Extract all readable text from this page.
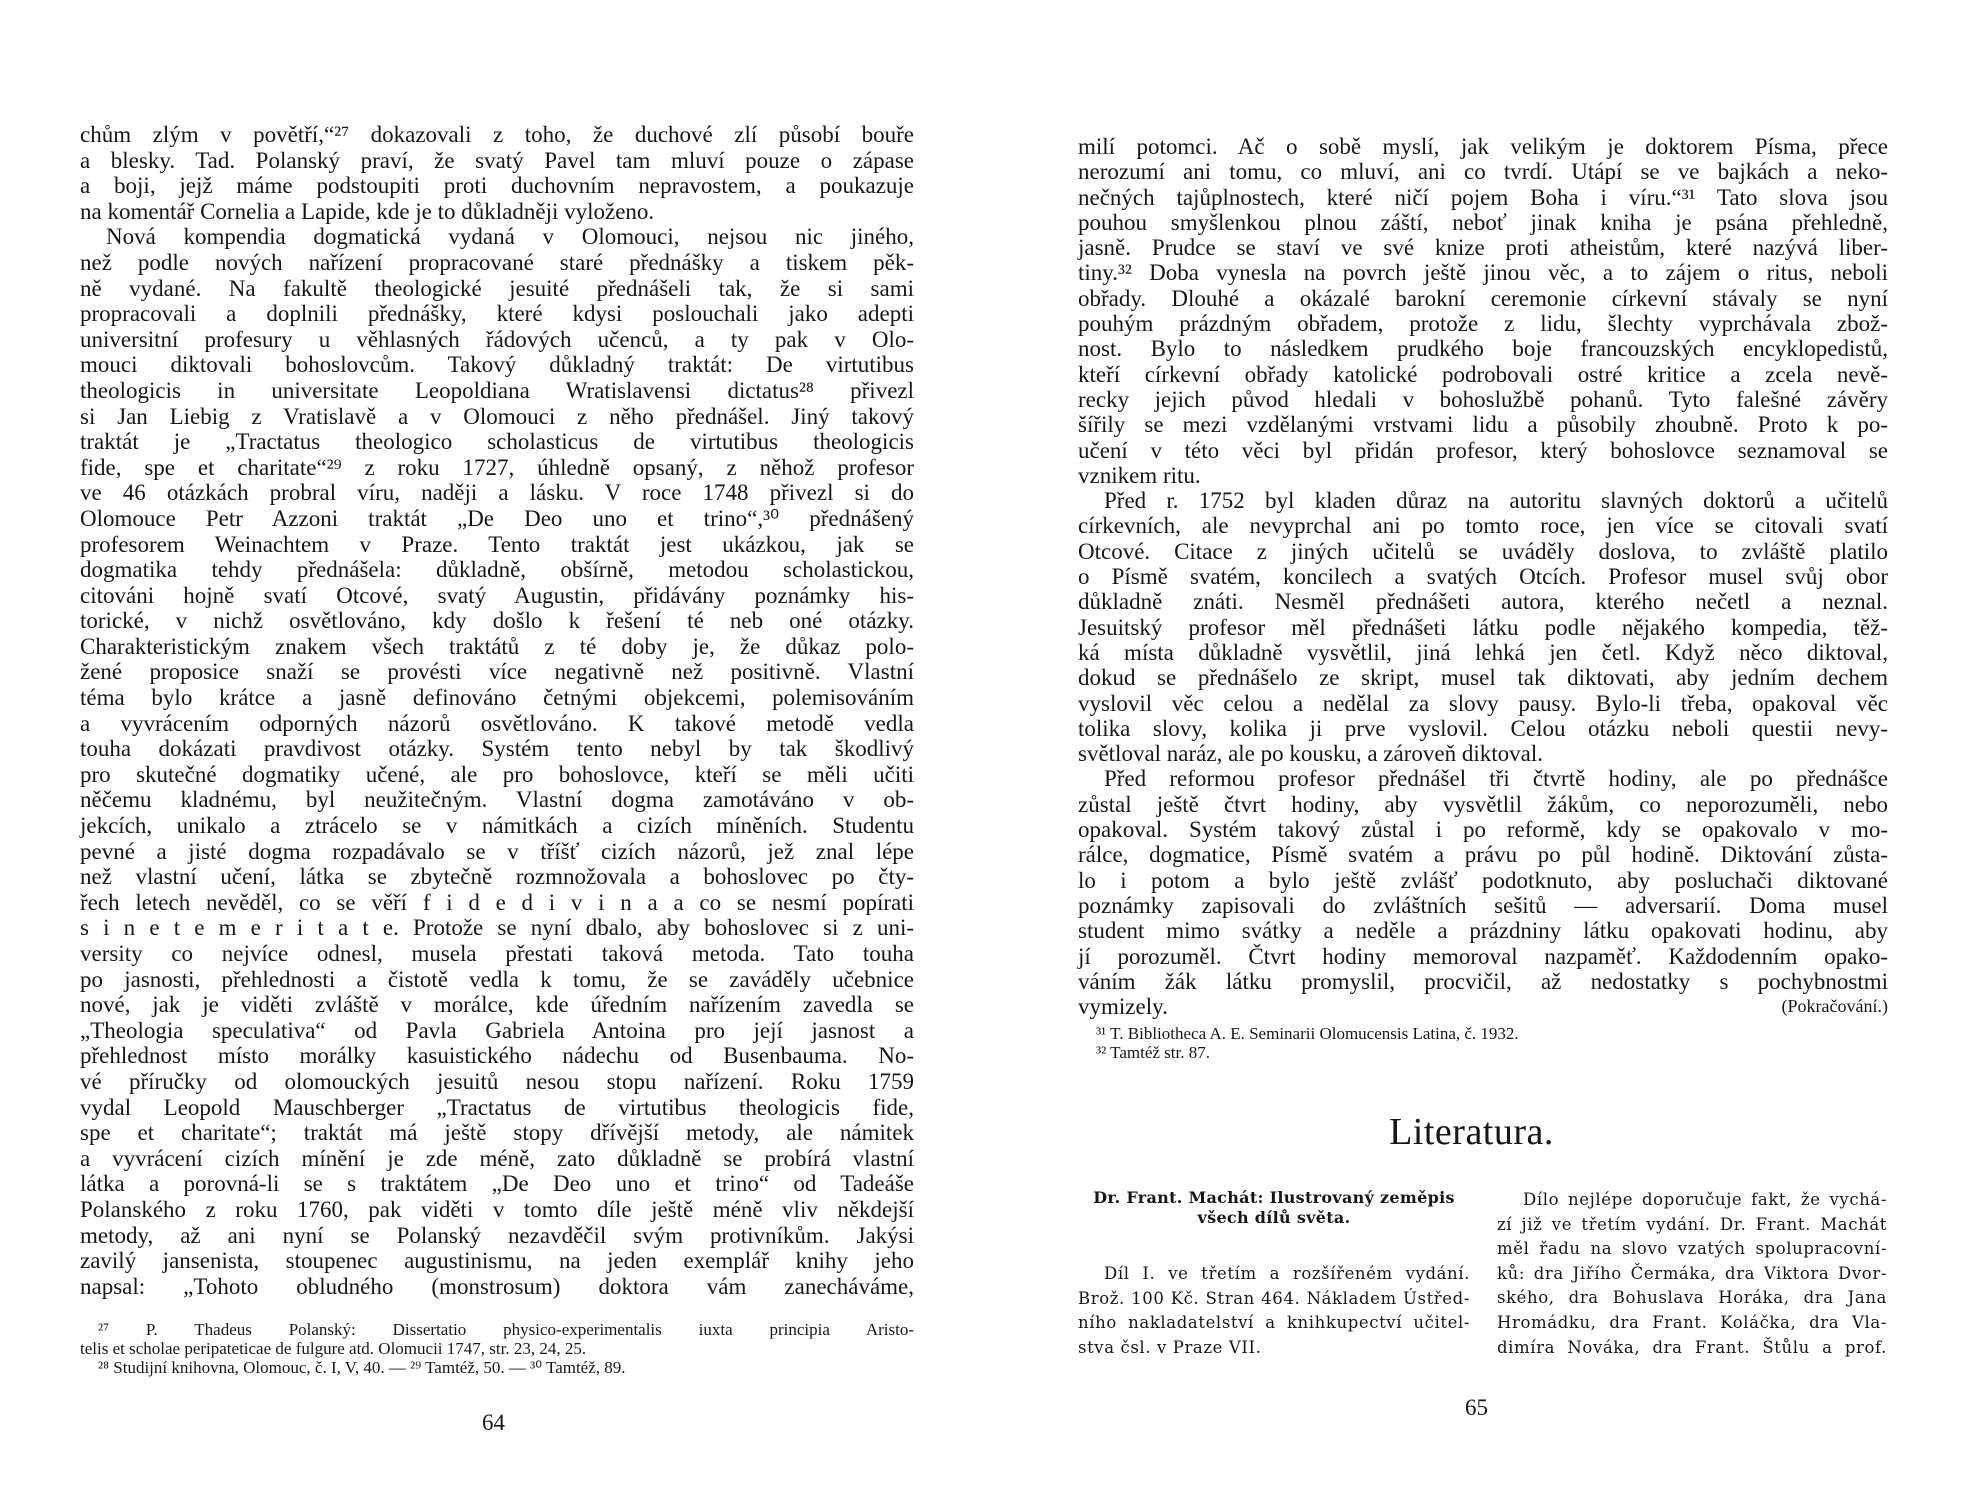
chům zlým v povětří,“²⁷ dokazovali z toho, že duchové zlí působí bouře
a blesky. Tad. Polanský praví, že svatý Pavel tam mluví pouze o zápase
a boji, jejž máme podstoupiti proti duchovním nepravostem, a poukazuje
na komentář Cornelia a Lapide, kde je to důkladněji vyloženo.
Nová kompendia dogmatická vydaná v Olomouci, nejsou nic jiného,
než podle nových nařízení propracované staré přednášky a tiskem pěk-
ně vydané. Na fakultě theologické jesuité přednášeli tak, že si sami
propracovali a doplnili přednášky, které kdysi poslouchali jako adepti
universitní profesury u věhlasných řádových učenců, a ty pak v Olo-
mouci diktovali bohoslovcům. Takový důkladný traktát: De virtutibus
theologicis in universitate Leopoldiana Wratislavensi dictatus²⁸ přivezl
si Jan Liebig z Vratislavě a v Olomouci z něho přednášel. Jiný takový
traktát je „Tractatus theologico scholasticus de virtutibus theologicis
fide, spe et charitate“²⁹ z roku 1727, úhledně opsaný, z něhož profesor
ve 46 otázkách probral víru, naději a lásku. V roce 1748 přivezl si do
Olomouce Petr Azzoni traktát „De Deo uno et trino“,³⁰ přednášený
profesorem Weinachtem v Praze. Tento traktát jest ukázkou, jak se
dogmatika tehdy přednášela: důkladně, obšírně, metodou scholastickou,
citováni hojně svatí Otcové, svatý Augustin, přidávány poznámky his-
torické, v nichž osvětlováno, kdy došlo k řešení té neb oné otázky.
Charakteristickým znakem všech traktátů z té doby je, že důkaz polo-
žené proposice snaží se provésti více negativně než positivně. Vlastní
téma bylo krátce a jasně definováno četnými objekcemi, polemisováním
a vyvrácením odporných názorů osvětlováno. K takové metodě vedla
touha dokázati pravdivost otázky. Systém tento nebyl by tak škodlivý
pro skutečné dogmatiky učené, ale pro bohoslovce, kteří se měli učiti
něčemu kladnému, byl neužitečným. Vlastní dogma zamotáváno v ob-
jekcích, unikalo a ztrácelo se v námitkách a cizích míněních. Studentu
pevné a jisté dogma rozpadávalo se v tříšť cizích názorů, jež znal lépe
než vlastní učení, látka se zbytečně rozmnožovala a bohoslovec po čty-
řech letech nevěděl, co se věří f i d e d i v i n a a co se nesmí popírati
s i n e t e m e r i t a t e. Protože se nyní dbalo, aby bohoslovec si z uni-
versity co nejvíce odnesl, musela přestati taková metoda. Tato touha
po jasnosti, přehlednosti a čistotě vedla k tomu, že se zaváděly učebnice
nové, jak je viděti zvláště v morálce, kde úředním nařízením zavedla se
„Theologia speculativa“ od Pavla Gabriela Antoina pro její jasnost a
přehlednost místo morálky kasuistického nádechu od Busenbauma. No-
vé příručky od olomouckých jesuitů nesou stopu nařízení. Roku 1759
vydal Leopold Mauschberger „Tractatus de virtutibus theologicis fide,
spe et charitate“; traktát má ještě stopy dřívější metody, ale námitek
a vyvrácení cizích mínění je zde méně, zato důkladně se probírá vlastní
látka a porovná-li se s traktátem „De Deo uno et trino“ od Tadeáše
Polanského z roku 1760, pak viděti v tomto díle ještě méně vliv někdejší
metody, až ani nyní se Polanský nezavděčil svým protivníkům. Jakýsi
zavilý jansenista, stoupenec augustinismu, na jeden exemplář knihy jeho
napsal: „Tohoto obludného (monstrosum) doktora vám zanecháváme,
²⁷ P. Thadeus Polanský: Dissertatio physico-experimentalis iuxta principia Aristo-
telis et scholae peripateticae de fulgure atd. Olomucii 1747, str. 23, 24, 25.
²⁸ Studijní knihovna, Olomouc, č. I, V, 40. — ²⁹ Tamtéž, 50. — ³⁰ Tamtéž, 89.
64
milí potomci. Ač o sobě myslí, jak velikým je doktorem Písma, přece
nerozumí ani tomu, co mluví, ani co tvrdí. Utápí se ve bajkách a neko-
nečných tajůplnostech, které ničí pojem Boha i víru.“³¹ Tato slova jsou
pouhou smyšlenkou plnou záští, neboť jinak kniha je psána přehledně,
jasně. Prudce se staví ve své knize proti atheistům, které nazývá liber-
tiny.³² Doba vynesla na povrch ještě jinou věc, a to zájem o ritus, neboli
obřady. Dlouhé a okázalé barokní ceremonie církevní stávaly se nyní
pouhým prázdným obřadem, protože z lidu, šlechty vyprchávala zbož-
nost. Bylo to následkem prudkého boje francouzských encyklopedistů,
kteří církevní obřady katolické podrobovali ostré kritice a zcela nevě-
recky jejich původ hledali v bohoslužbě pohanů. Tyto falešné závěry
šířily se mezi vzdělanými vrstvami lidu a působily zhoubně. Proto k po-
učení v této věci byl přidán profesor, který bohoslovce seznamoval se
vznikem ritu.
Před r. 1752 byl kladen důraz na autoritu slavných doktorů a učitelů
církevních, ale nevyprchal ani po tomto roce, jen více se citovali svatí
Otcové. Citace z jiných učitelů se uváděly doslova, to zvláště platilo
o Písmě svatém, koncilech a svatých Otcích. Profesor musel svůj obor
důkladně znáti. Nesměl přednášeti autora, kterého nečetl a neznal.
Jesuitský profesor měl přednášeti látku podle nějakého kompedia, těž-
ká místa důkladně vysvětlil, jiná lehká jen četl. Když něco diktoval,
dokud se přednášelo ze skript, musel tak diktovati, aby jedním dechem
vyslovil věc celou a nedělal za slovy pausy. Bylo-li třeba, opakoval věc
tolika slovy, kolika ji prve vyslovil. Celou otázku neboli questii nevy-
světloval naráz, ale po kousku, a zároveň diktoval.
Před reformou profesor přednášel tři čtvrtě hodiny, ale po přednášce
zůstal ještě čtvrt hodiny, aby vysvětlil žákům, co neporozuměli, nebo
opakoval. Systém takový zůstal i po reformě, kdy se opakovalo v mo-
rálce, dogmatice, Písmě svatém a právu po půl hodině. Diktování zůsta-
lo i potom a bylo ještě zvlášť podotknuto, aby posluchači diktované
poznámky zapisovali do zvláštních sešitů — adversarií. Doma musel
student mimo svátky a neděle a prázdniny látku opakovati hodinu, aby
jí porozuměl. Čtvrt hodiny memoroval nazpaměť. Každodenním opako-
váním žák látku promyslil, procvičil, až nedostatky s pochybnostmi
vymizely.	(Pokračování.)
³¹ T. Bibliotheca A. E. Seminarii Olomucensis Latina, č. 1932.
³² Tamtéž str. 87.
Literatura.
Dr. Frant. Machát: Ilustrovaný zeměpis
všech dílů světa.
Díl I. ve třetím a rozšířeném vydání.
Brož. 100 Kč. Stran 464. Nákladem Ústřed-
ního nakladatelství a knihkupectví učitel-
stva čsl. v Praze VII.
Dílo nejlépe doporučuje fakt, že vychá-
zí již ve třetím vydání. Dr. Frant. Machát
měl řadu na slovo vzatých spolupracovní-
ků: dra Jiřího Čermáka, dra Viktora Dvor-
ského, dra Bohuslava Horáka, dra Jana
Hromádku, dra Frant. Koláčka, dra Vla-
dimíra Nováka, dra Frant. Štůlu a prof.
65
